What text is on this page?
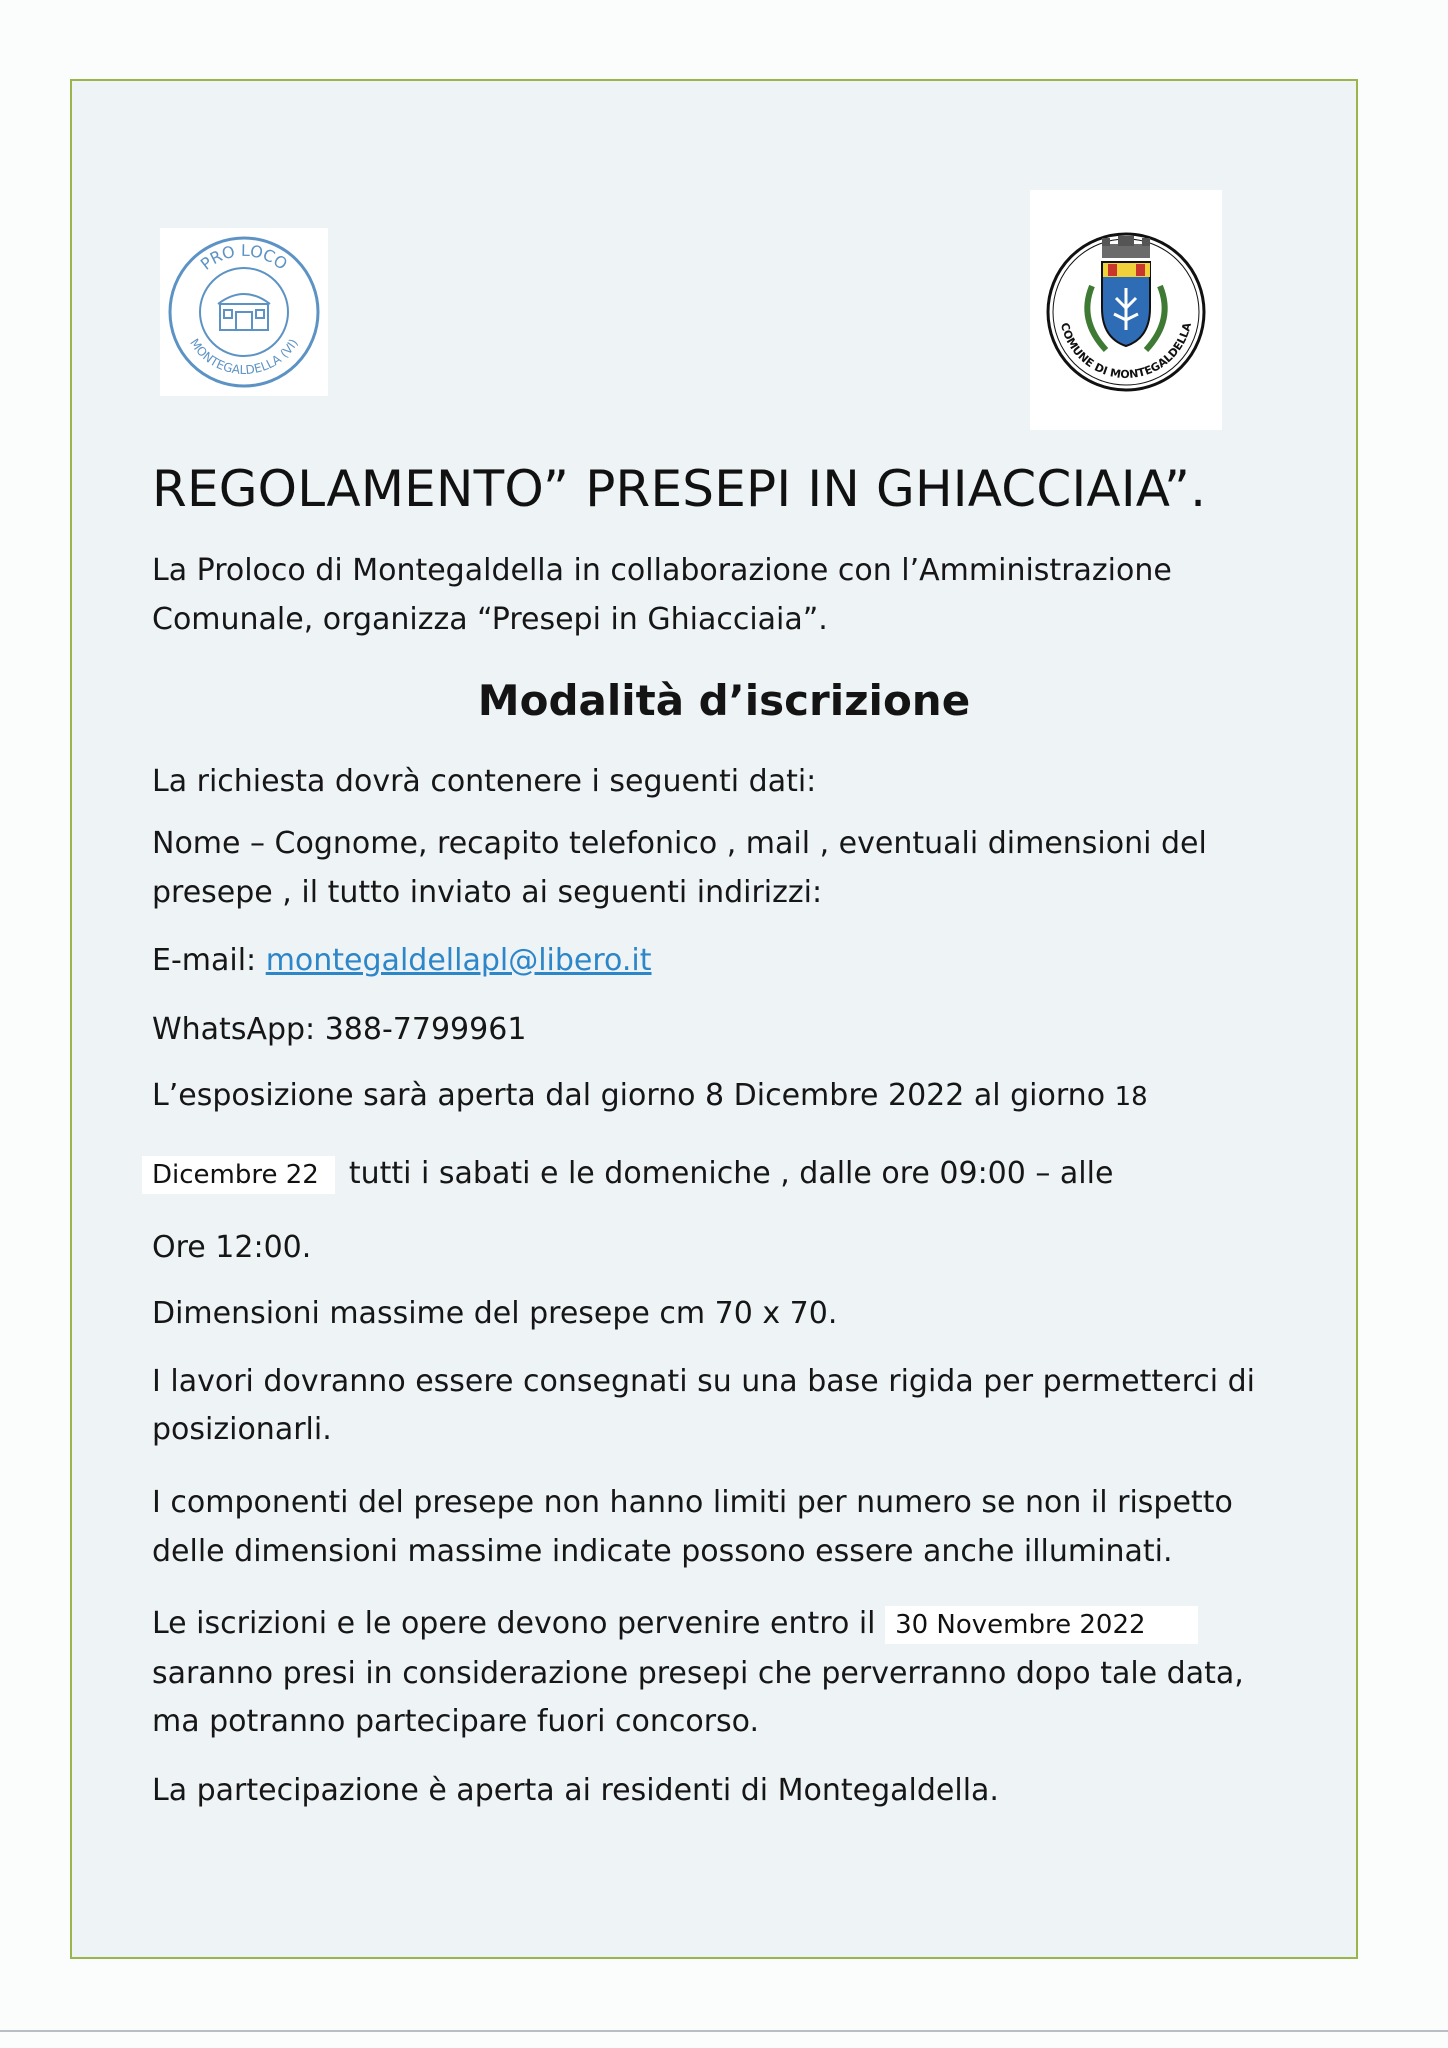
PRO LOCO
MONTEGALDELLA (VI)
COMUNE DI MONTEGALDELLA
REGOLAMENTO” PRESEPI IN GHIACCIAIA”.

La Proloco di Montegaldella in collaborazione con l’Amministrazione

Comunale, organizza “Presepi in Ghiacciaia”.

Modalità d’iscrizione

La richiesta dovrà contenere i seguenti dati:

Nome – Cognome, recapito telefonico , mail , eventuali dimensioni del

presepe , il tutto inviato ai seguenti indirizzi:

E-mail: montegaldellapl@libero.it

WhatsApp: 388-7799961

L’esposizione sarà aperta dal giorno 8 Dicembre 2022 al giorno 18

Dicembre 22 tutti i sabati e le domeniche , dalle ore 09:00 – alle

Ore 12:00.

Dimensioni massime del presepe cm 70 x 70.

I lavori dovranno essere consegnati su una base rigida per permetterci di

posizionarli.

I componenti del presepe non hanno limiti per numero se non il rispetto

delle dimensioni massime indicate possono essere anche illuminati.

Le iscrizioni e le opere devono pervenire entro il 30 Novembre 2022

saranno presi in considerazione presepi che perverranno dopo tale data,

ma potranno partecipare fuori concorso.

La partecipazione è aperta ai residenti di Montegaldella.
